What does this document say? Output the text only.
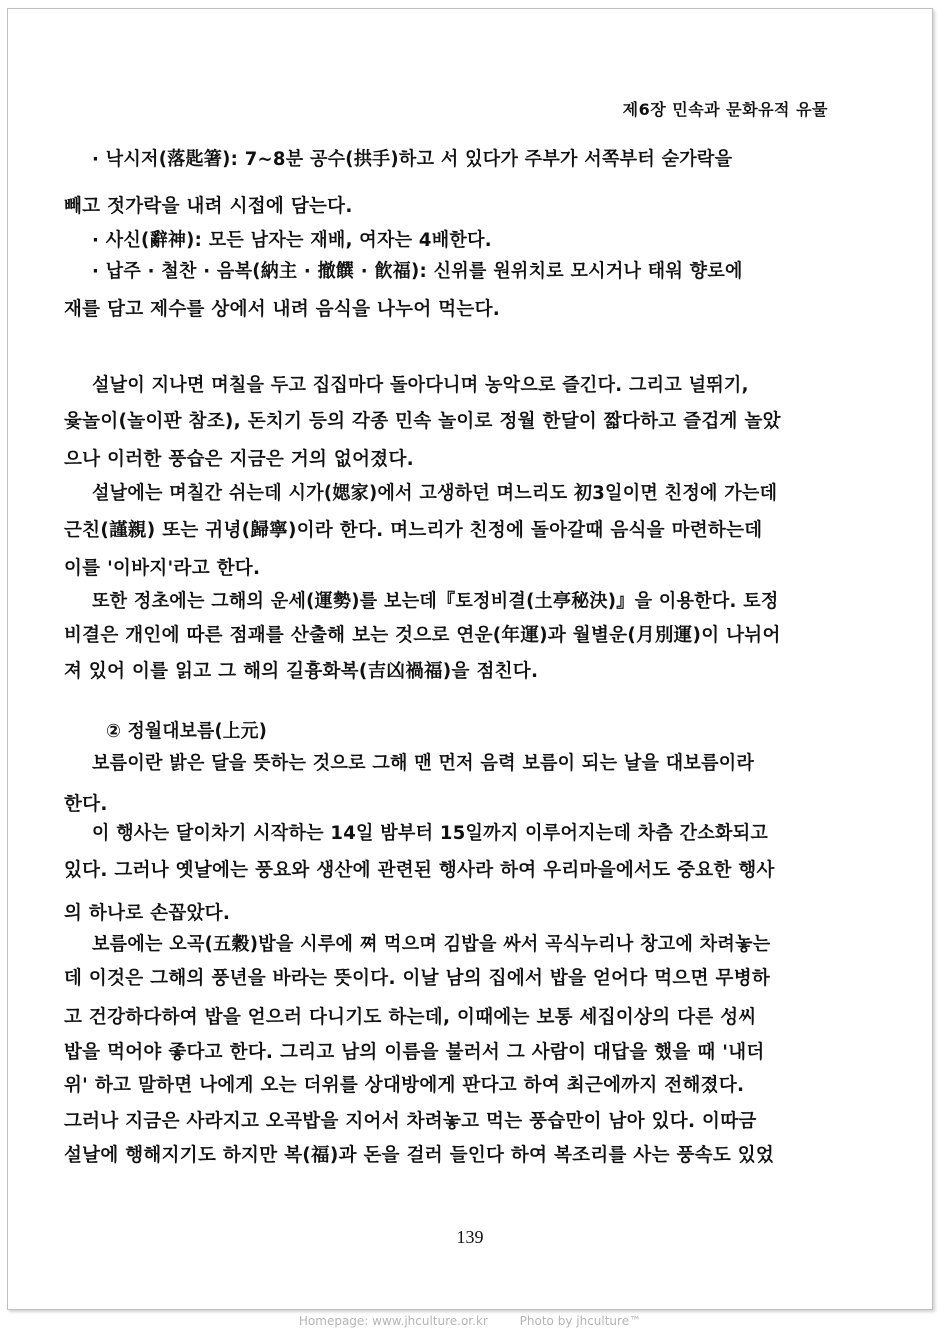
제6장 민속과 문화유적 유물
· 낙시저(落匙箸): 7~8분 공수(拱手)하고 서 있다가 주부가 서쪽부터 숟가락을
빼고 젓가락을 내려 시접에 담는다.
· 사신(辭神): 모든 남자는 재배, 여자는 4배한다.
· 납주 · 철찬 · 음복(納主 · 撤饌 · 飮福): 신위를 원위치로 모시거나 태워 향로에
재를 담고 제수를 상에서 내려 음식을 나누어 먹는다.
설날이 지나면 며칠을 두고 집집마다 돌아다니며 농악으로 즐긴다. 그리고 널뛰기,
윷놀이(놀이판 참조), 돈치기 등의 각종 민속 놀이로 정월 한달이 짧다하고 즐겁게 놀았
으나 이러한 풍습은 지금은 거의 없어졌다.
설날에는 며칠간 쉬는데 시가(媤家)에서 고생하던 며느리도 初3일이면 친정에 가는데
근친(謹親) 또는 귀녕(歸寧)이라 한다. 며느리가 친정에 돌아갈때 음식을 마련하는데
이를 '이바지'라고 한다.
또한 정초에는 그해의 운세(運勢)를 보는데『토정비결(土亭秘決)』을 이용한다. 토정
비결은 개인에 따른 점괘를 산출해 보는 것으로 연운(年運)과 월별운(月別運)이 나뉘어
져 있어 이를 읽고 그 해의 길흉화복(吉凶禍福)을 점친다.
② 정월대보름(上元)
보름이란 밝은 달을 뜻하는 것으로 그해 맨 먼저 음력 보름이 되는 날을 대보름이라
한다.
이 행사는 달이차기 시작하는 14일 밤부터 15일까지 이루어지는데 차츰 간소화되고
있다. 그러나 옛날에는 풍요와 생산에 관련된 행사라 하여 우리마을에서도 중요한 행사
의 하나로 손꼽았다.
보름에는 오곡(五穀)밥을 시루에 쪄 먹으며 김밥을 싸서 곡식누리나 창고에 차려놓는
데 이것은 그해의 풍년을 바라는 뜻이다. 이날 남의 집에서 밥을 얻어다 먹으면 무병하
고 건강하다하여 밥을 얻으러 다니기도 하는데, 이때에는 보통 세집이상의 다른 성씨
밥을 먹어야 좋다고 한다. 그리고 남의 이름을 불러서 그 사람이 대답을 했을 때 '내더
위' 하고 말하면 나에게 오는 더위를 상대방에게 판다고 하여 최근에까지 전해졌다.
그러나 지금은 사라지고 오곡밥을 지어서 차려놓고 먹는 풍습만이 남아 있다. 이따금
설날에 행해지기도 하지만 복(福)과 돈을 걸러 들인다 하여 복조리를 사는 풍속도 있었
139
Homepage: www.jhculture.or.kr	Photo by jhculture™
